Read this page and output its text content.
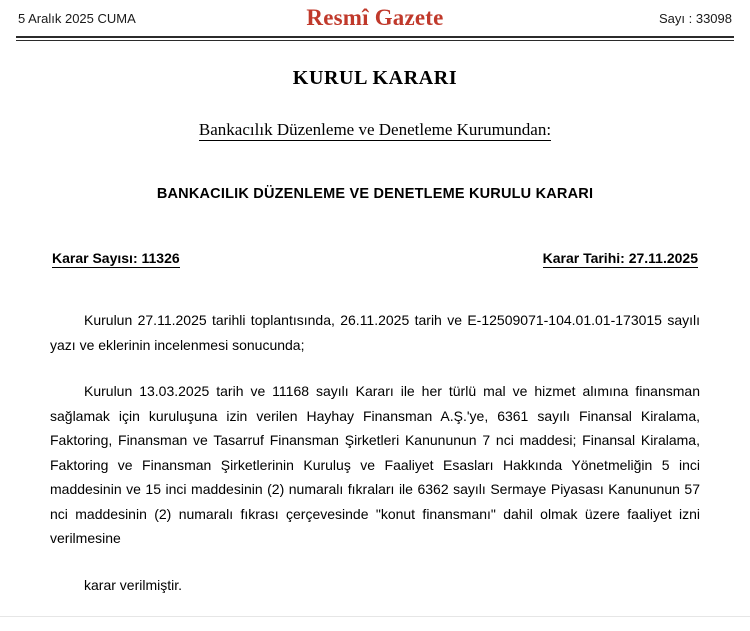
5 Aralık 2025 CUMA	Resmî Gazete	Sayı : 33098
KURUL KARARI
Bankacılık Düzenleme ve Denetleme Kurumundan:
BANKACILIK DÜZENLEME VE DENETLEME KURULU KARARI
Karar Sayısı: 11326	Karar Tarihi: 27.11.2025

Kurulun 27.11.2025 tarihli toplantısında, 26.11.2025 tarih ve E-12509071-104.01.01-173015 sayılı yazı ve eklerinin incelenmesi sonucunda;

Kurulun 13.03.2025 tarih ve 11168 sayılı Kararı ile her türlü mal ve hizmet alımına finansman sağlamak için kuruluşuna izin verilen Hayhay Finansman A.Ş.'ye, 6361 sayılı Finansal Kiralama, Faktoring, Finansman ve Tasarruf Finansman Şirketleri Kanununun 7 nci maddesi; Finansal Kiralama, Faktoring ve Finansman Şirketlerinin Kuruluş ve Faaliyet Esasları Hakkında Yönetmeliğin 5 inci maddesinin ve 15 inci maddesinin (2) numaralı fıkraları ile 6362 sayılı Sermaye Piyasası Kanununun 57 nci maddesinin (2) numaralı fıkrası çerçevesinde "konut finansmanı" dahil olmak üzere faaliyet izni verilmesine

karar verilmiştir.
